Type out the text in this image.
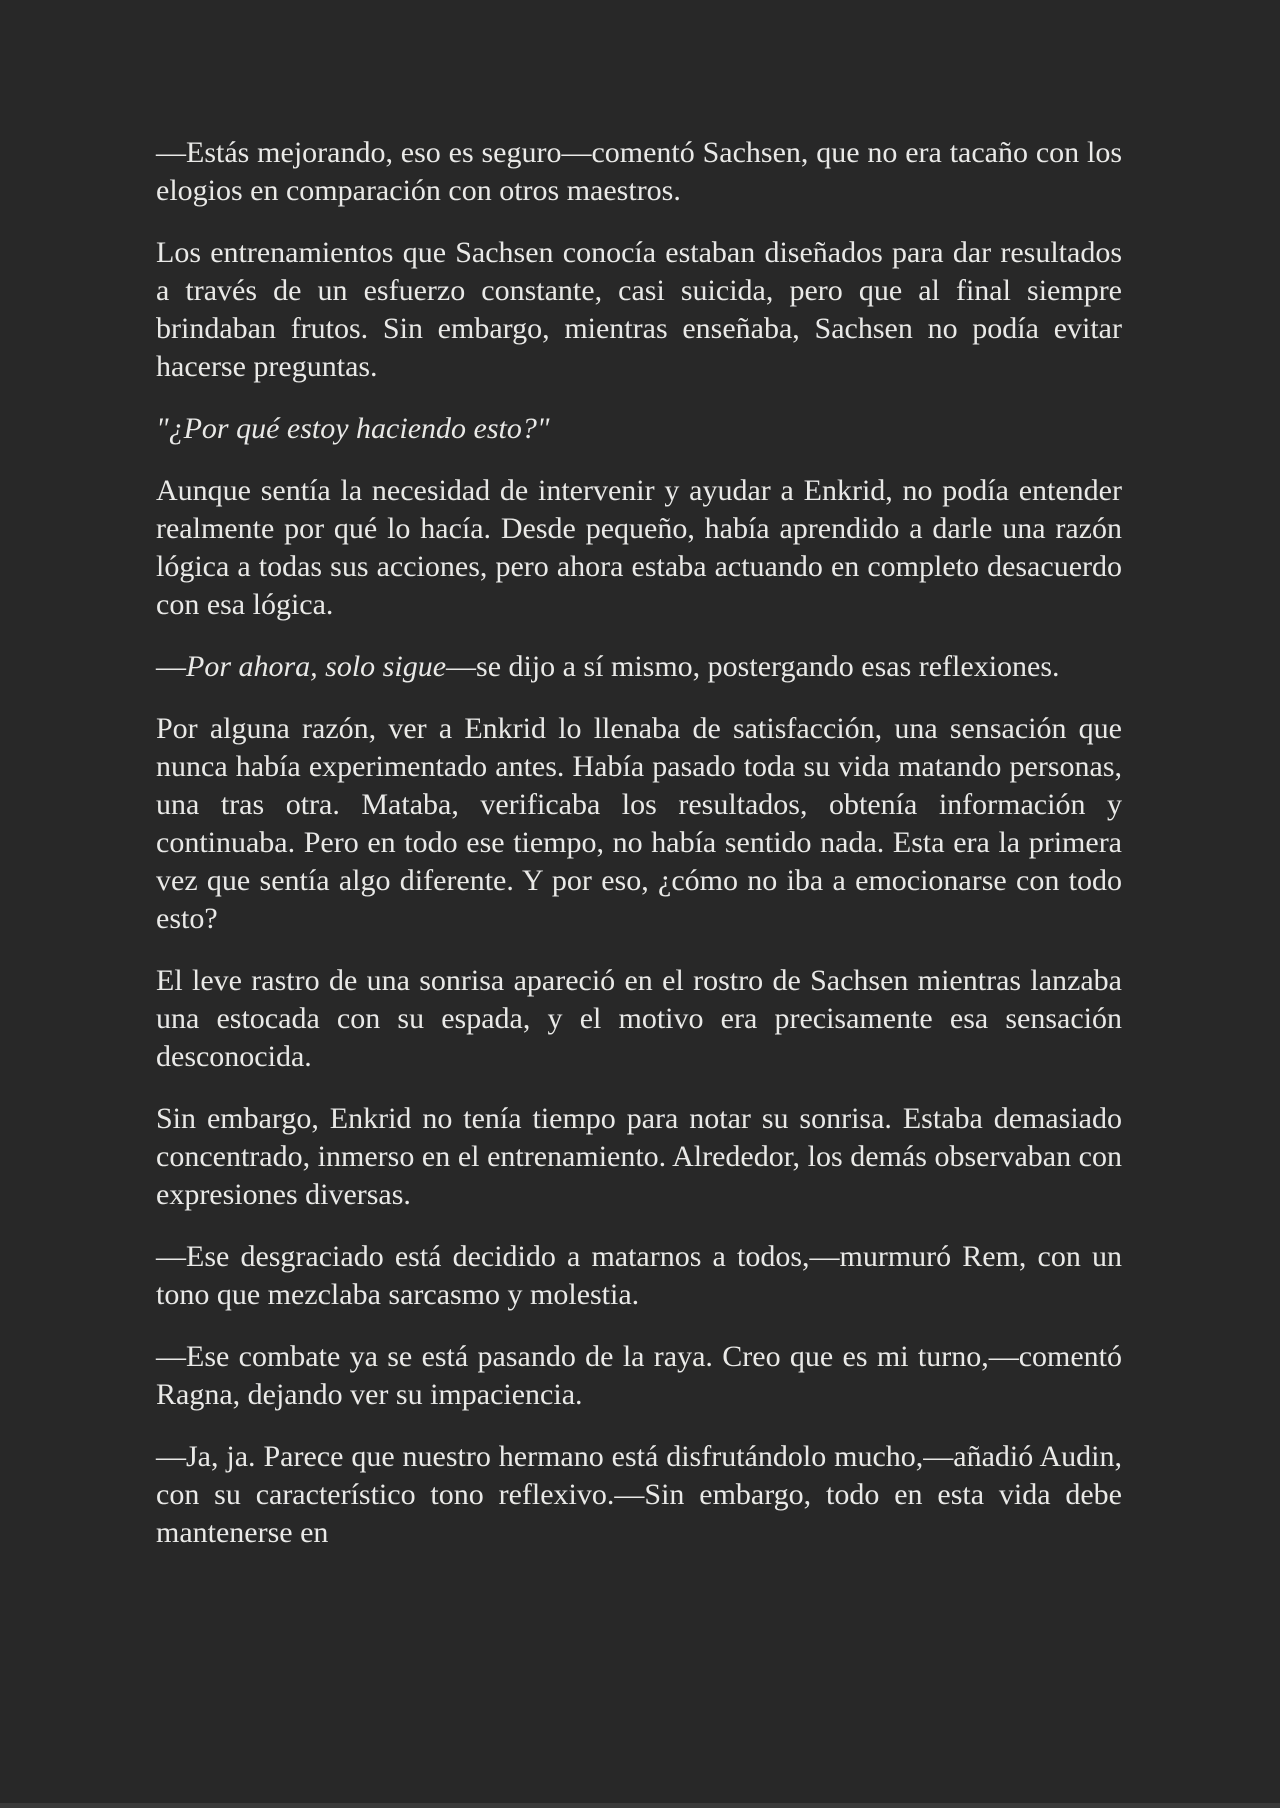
—Estás mejorando, eso es seguro—comentó Sachsen, que no era tacaño con los elogios en comparación con otros maestros.

Los entrenamientos que Sachsen conocía estaban diseñados para dar resultados a través de un esfuerzo constante, casi suicida, pero que al final siempre brindaban frutos. Sin embargo, mientras enseñaba, Sachsen no podía evitar hacerse preguntas.

"¿Por qué estoy haciendo esto?"

Aunque sentía la necesidad de intervenir y ayudar a Enkrid, no podía entender realmente por qué lo hacía. Desde pequeño, había aprendido a darle una razón lógica a todas sus acciones, pero ahora estaba actuando en completo desacuerdo con esa lógica.

—Por ahora, solo sigue—se dijo a sí mismo, postergando esas reflexiones.

Por alguna razón, ver a Enkrid lo llenaba de satisfacción, una sensación que nunca había experimentado antes. Había pasado toda su vida matando personas, una tras otra. Mataba, verificaba los resultados, obtenía información y continuaba. Pero en todo ese tiempo, no había sentido nada. Esta era la primera vez que sentía algo diferente. Y por eso, ¿cómo no iba a emocionarse con todo esto?

El leve rastro de una sonrisa apareció en el rostro de Sachsen mientras lanzaba una estocada con su espada, y el motivo era precisamente esa sensación desconocida.

Sin embargo, Enkrid no tenía tiempo para notar su sonrisa. Estaba demasiado concentrado, inmerso en el entrenamiento. Alrededor, los demás observaban con expresiones diversas.

—Ese desgraciado está decidido a matarnos a todos,—murmuró Rem, con un tono que mezclaba sarcasmo y molestia.

—Ese combate ya se está pasando de la raya. Creo que es mi turno,—comentó Ragna, dejando ver su impaciencia.

—Ja, ja. Parece que nuestro hermano está disfrutándolo mucho,—añadió Audin, con su característico tono reflexivo.—Sin embargo, todo en esta vida debe mantenerse en
